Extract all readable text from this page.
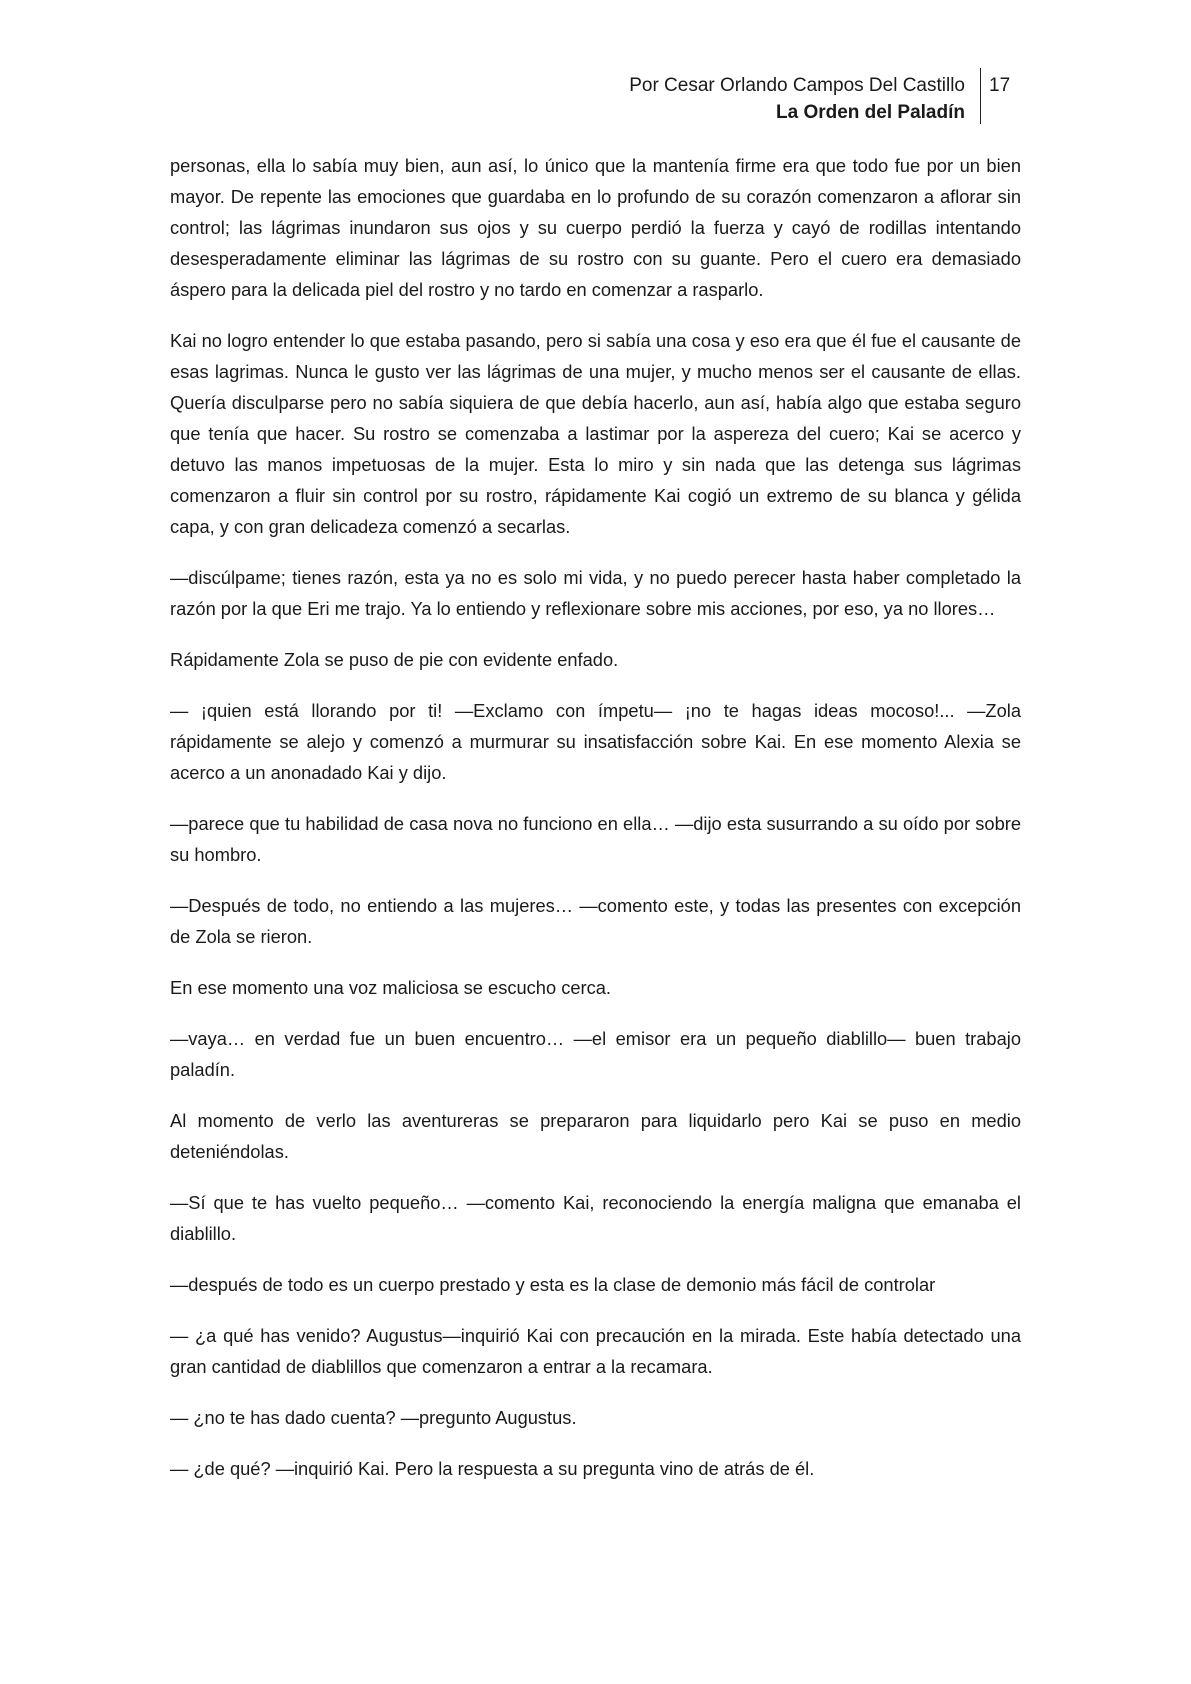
Por Cesar Orlando Campos Del Castillo
La Orden del Paladín
17

personas, ella lo sabía muy bien, aun así, lo único que la mantenía firme era que todo fue por un bien mayor. De repente las emociones que guardaba en lo profundo de su corazón comenzaron a aflorar sin control; las lágrimas inundaron sus ojos y su cuerpo perdió la fuerza y cayó de rodillas intentando desesperadamente eliminar las lágrimas de su rostro con su guante. Pero el cuero era demasiado áspero para la delicada piel del rostro y no tardo en comenzar a rasparlo.

Kai no logro entender lo que estaba pasando, pero si sabía una cosa y eso era que él fue el causante de esas lagrimas. Nunca le gusto ver las lágrimas de una mujer, y mucho menos ser el causante de ellas. Quería disculparse pero no sabía siquiera de que debía hacerlo, aun así, había algo que estaba seguro que tenía que hacer. Su rostro se comenzaba a lastimar por la aspereza del cuero; Kai se acerco y detuvo las manos impetuosas de la mujer. Esta lo miro y sin nada que las detenga sus lágrimas comenzaron a fluir sin control por su rostro, rápidamente Kai cogió un extremo de su blanca y gélida capa, y con gran delicadeza comenzó a secarlas.

—discúlpame; tienes razón, esta ya no es solo mi vida, y no puedo perecer hasta haber completado la razón por la que Eri me trajo. Ya lo entiendo y reflexionare sobre mis acciones, por eso, ya no llores…

Rápidamente Zola se puso de pie con evidente enfado.

— ¡quien está llorando por ti! —Exclamo con ímpetu— ¡no te hagas ideas mocoso!... —Zola rápidamente se alejo y comenzó a murmurar su insatisfacción sobre Kai. En ese momento Alexia se acerco a un anonadado Kai y dijo.

—parece que tu habilidad de casa nova no funciono en ella… —dijo esta susurrando a su oído por sobre su hombro.

—Después de todo, no entiendo a las mujeres… —comento este, y todas las presentes con excepción de Zola se rieron.

En ese momento una voz maliciosa se escucho cerca.

—vaya… en verdad fue un buen encuentro… —el emisor era un pequeño diablillo— buen trabajo paladín.

Al momento de verlo las aventureras se prepararon para liquidarlo pero Kai se puso en medio deteniéndolas.

—Sí que te has vuelto pequeño… —comento Kai, reconociendo la energía maligna que emanaba el diablillo.

—después de todo es un cuerpo prestado y esta es la clase de demonio más fácil de controlar

— ¿a qué has venido? Augustus—inquirió Kai con precaución en la mirada. Este había detectado una gran cantidad de diablillos que comenzaron a entrar a la recamara.

— ¿no te has dado cuenta? —pregunto Augustus.

— ¿de qué? —inquirió Kai. Pero la respuesta a su pregunta vino de atrás de él.
